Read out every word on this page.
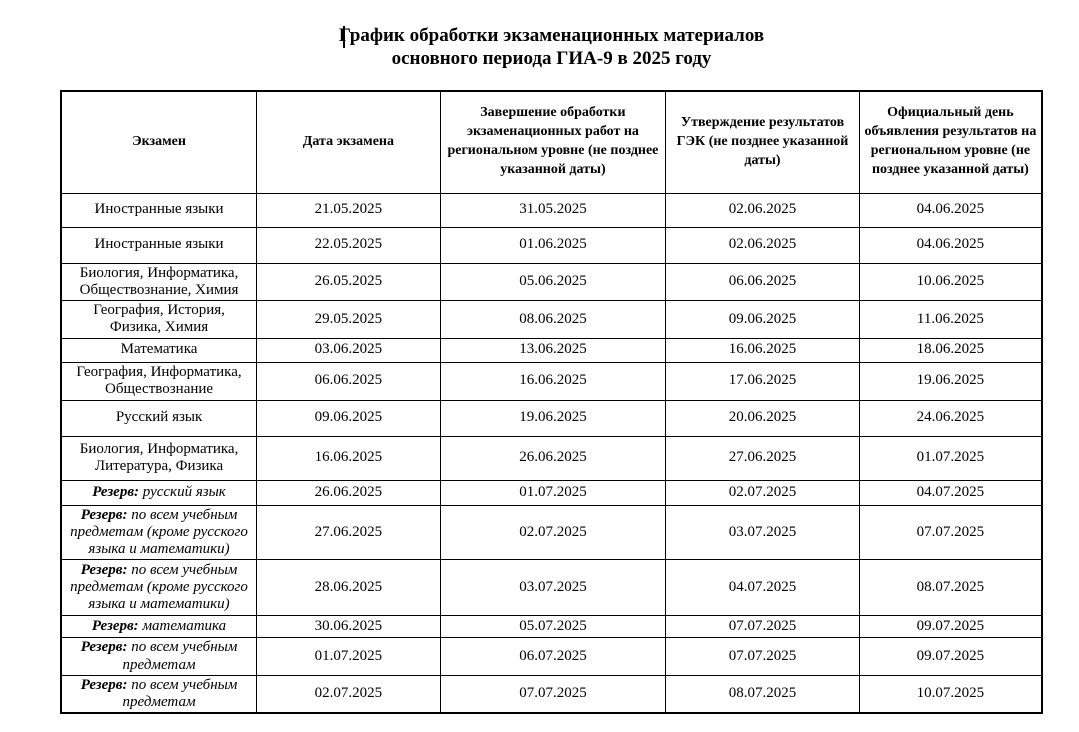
График обработки экзаменационных материалов
основного периода ГИА-9 в 2025 году
Экзамен	Дата экзамена	Завершение обработки экзаменационных работ на региональном уровне (не позднее указанной даты)	Утверждение результатов ГЭК (не позднее указанной даты)	Официальный день объявления результатов на региональном уровне (не позднее указанной даты)
Иностранные языки	21.05.2025	31.05.2025	02.06.2025	04.06.2025
Иностранные языки	22.05.2025	01.06.2025	02.06.2025	04.06.2025
Биология, Информатика, Обществознание, Химия	26.05.2025	05.06.2025	06.06.2025	10.06.2025
География, История, Физика, Химия	29.05.2025	08.06.2025	09.06.2025	11.06.2025
Математика	03.06.2025	13.06.2025	16.06.2025	18.06.2025
География, Информатика, Обществознание	06.06.2025	16.06.2025	17.06.2025	19.06.2025
Русский язык	09.06.2025	19.06.2025	20.06.2025	24.06.2025
Биология, Информатика, Литература, Физика	16.06.2025	26.06.2025	27.06.2025	01.07.2025
Резерв: русский язык	26.06.2025	01.07.2025	02.07.2025	04.07.2025
Резерв: по всем учебным предметам (кроме русского языка и математики)	27.06.2025	02.07.2025	03.07.2025	07.07.2025
Резерв: по всем учебным предметам (кроме русского языка и математики)	28.06.2025	03.07.2025	04.07.2025	08.07.2025
Резерв: математика	30.06.2025	05.07.2025	07.07.2025	09.07.2025
Резерв: по всем учебным предметам	01.07.2025	06.07.2025	07.07.2025	09.07.2025
Резерв: по всем учебным предметам	02.07.2025	07.07.2025	08.07.2025	10.07.2025
